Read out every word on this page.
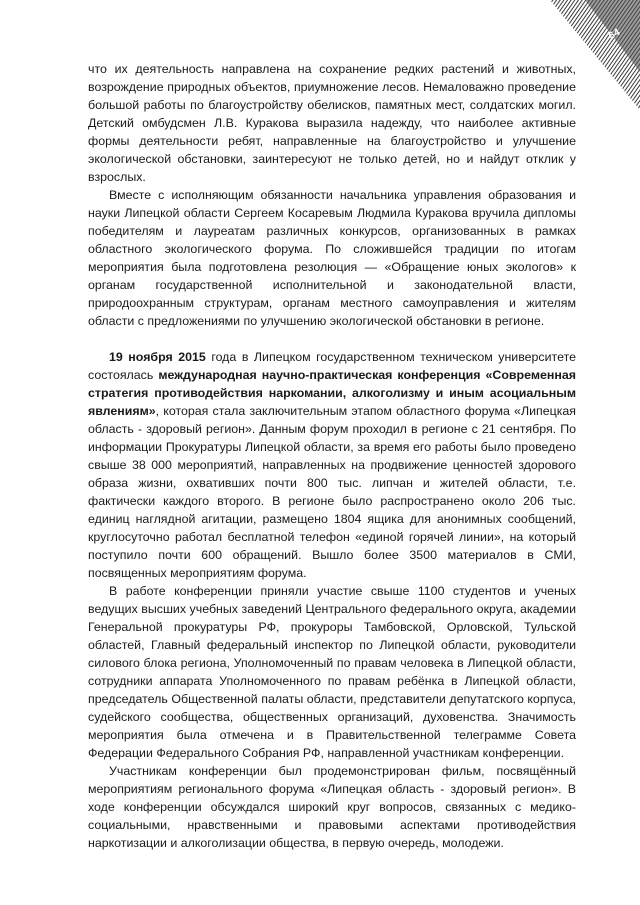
64

что их деятельность направлена на сохранение редких растений и животных, возрождение природных объектов, приумножение лесов. Немаловажно проведение большой работы по благоустройству обелисков, памятных мест, солдатских могил. Детский омбудсмен Л.В. Куракова выразила надежду, что наиболее активные формы деятельности ребят, направленные на благоустройство и улучшение экологической обстановки, заинтересуют не только детей, но и найдут отклик у взрослых.

Вместе с исполняющим обязанности начальника управления образования и науки Липецкой области Сергеем Косаревым Людмила Куракова вручила дипломы победителям и лауреатам различных конкурсов, организованных в рамках областного экологического форума. По сложившейся традиции по итогам мероприятия была подготовлена резолюция — «Обращение юных экологов» к органам государственной исполнительной и законодательной власти, природоохранным структурам, органам местного самоуправления и жителям области с предложениями по улучшению экологической обстановки в регионе.

19 ноября 2015 года в Липецком государственном техническом университете состоялась международная научно-практическая конференция «Современная стратегия противодействия наркомании, алкоголизму и иным асоциальным явлениям», которая стала заключительным этапом областного форума «Липецкая область - здоровый регион». Данным форум проходил в регионе с 21 сентября. По информации Прокуратуры Липецкой области, за время его работы было проведено свыше 38 000 мероприятий, направленных на продвижение ценностей здорового образа жизни, охвативших почти 800 тыс. липчан и жителей области, т.е. фактически каждого второго. В регионе было распространено около 206 тыс. единиц наглядной агитации, размещено 1804 ящика для анонимных сообщений, круглосуточно работал бесплатной телефон «единой горячей линии», на который поступило почти 600 обращений. Вышло более 3500 материалов в СМИ, посвященных мероприятиям форума.

В работе конференции приняли участие свыше 1100 студентов и ученых ведущих высших учебных заведений Центрального федерального округа, академии Генеральной прокуратуры РФ, прокуроры Тамбовской, Орловской, Тульской областей, Главный федеральный инспектор по Липецкой области, руководители силового блока региона, Уполномоченный по правам человека в Липецкой области, сотрудники аппарата Уполномоченного по правам ребёнка в Липецкой области, председатель Общественной палаты области, представители депутатского корпуса, судейского сообщества, общественных организаций, духовенства. Значимость мероприятия была отмечена и в Правительственной телеграмме Совета Федерации Федерального Собрания РФ, направленной участникам конференции.

Участникам конференции был продемонстрирован фильм, посвящённый мероприятиям регионального форума «Липецкая область - здоровый регион». В ходе конференции обсуждался широкий круг вопросов, связанных с медико-социальными, нравственными и правовыми аспектами противодействия наркотизации и алкоголизации общества, в первую очередь, молодежи.
